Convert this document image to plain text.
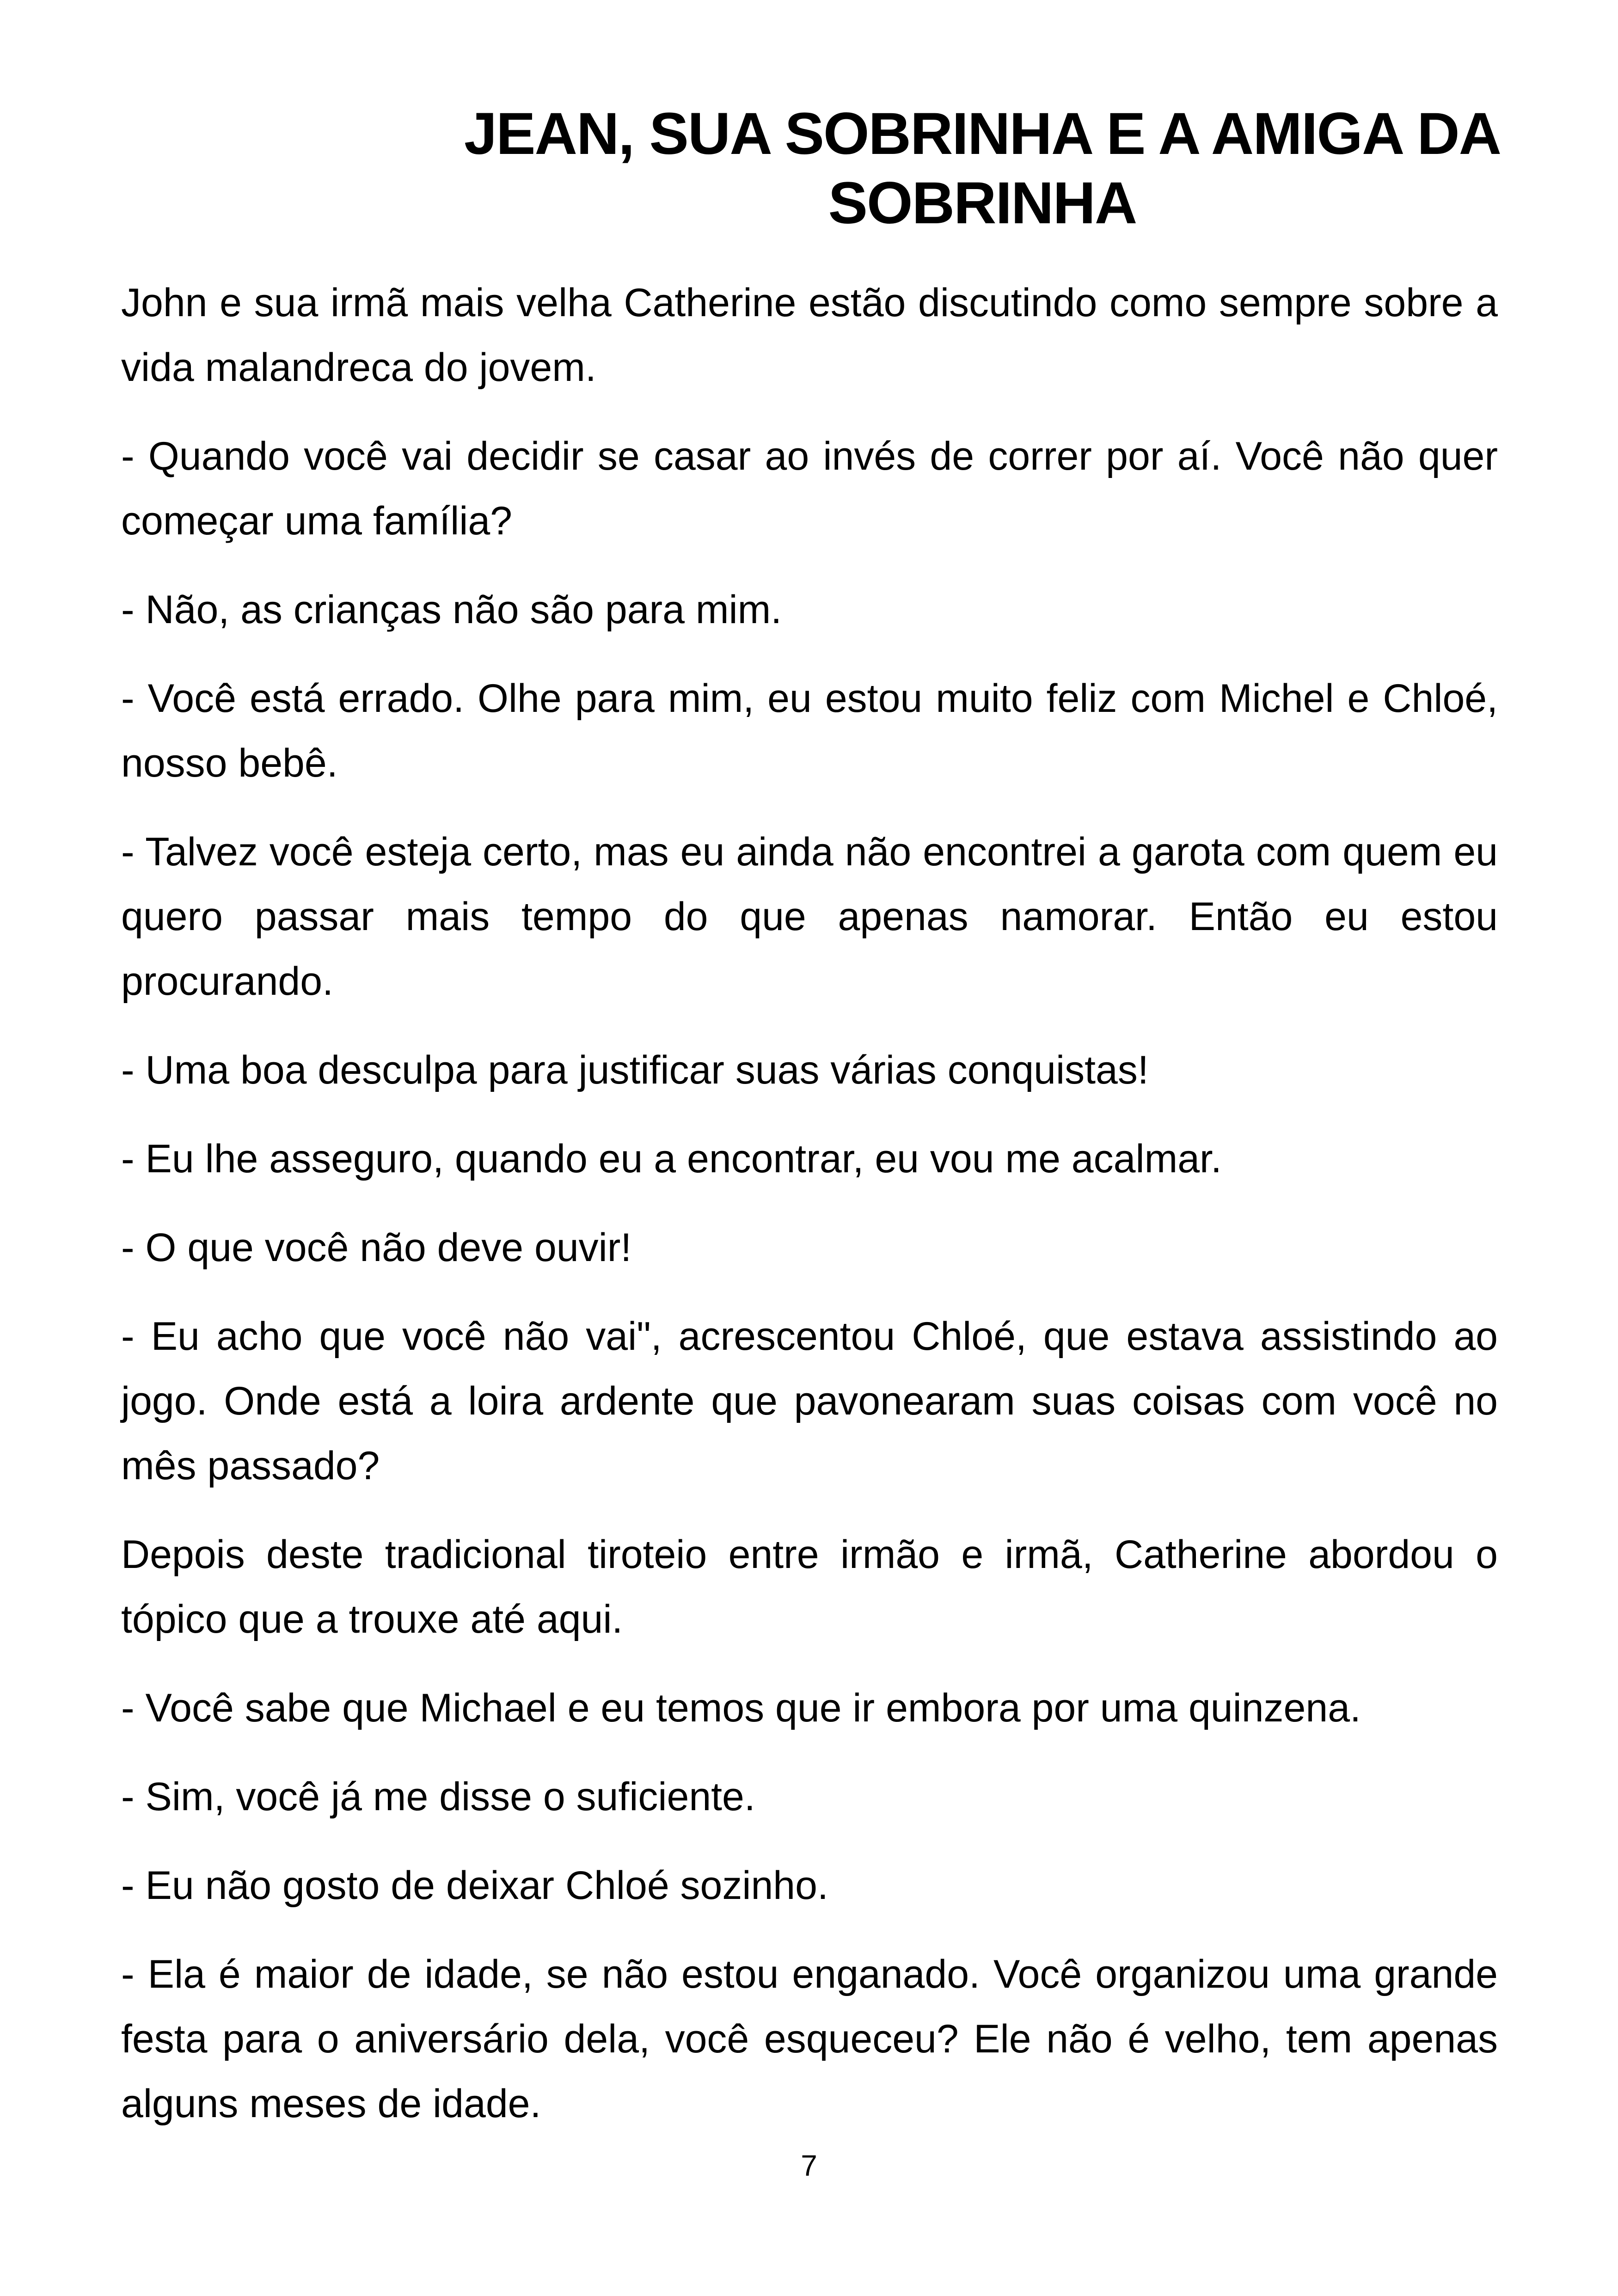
JEAN, SUA SOBRINHA E A AMIGA DA
SOBRINHA

John e sua irmã mais velha Catherine estão discutindo como sempre sobre a vida malandreca do jovem.

- Quando você vai decidir se casar ao invés de correr por aí. Você não quer começar uma família?

- Não, as crianças não são para mim.

- Você está errado. Olhe para mim, eu estou muito feliz com Michel e Chloé, nosso bebê.

- Talvez você esteja certo, mas eu ainda não encontrei a garota com quem eu quero passar mais tempo do que apenas namorar. Então eu estou procurando.

- Uma boa desculpa para justificar suas várias conquistas!

- Eu lhe asseguro, quando eu a encontrar, eu vou me acalmar.

- O que você não deve ouvir!

- Eu acho que você não vai", acrescentou Chloé, que estava assistindo ao jogo. Onde está a loira ardente que pavonearam suas coisas com você no mês passado?

Depois deste tradicional tiroteio entre irmão e irmã, Catherine abordou o tópico que a trouxe até aqui.

- Você sabe que Michael e eu temos que ir embora por uma quinzena.

- Sim, você já me disse o suficiente.

- Eu não gosto de deixar Chloé sozinho.

- Ela é maior de idade, se não estou enganado. Você organizou uma grande festa para o aniversário dela, você esqueceu? Ele não é velho, tem apenas alguns meses de idade.

7
